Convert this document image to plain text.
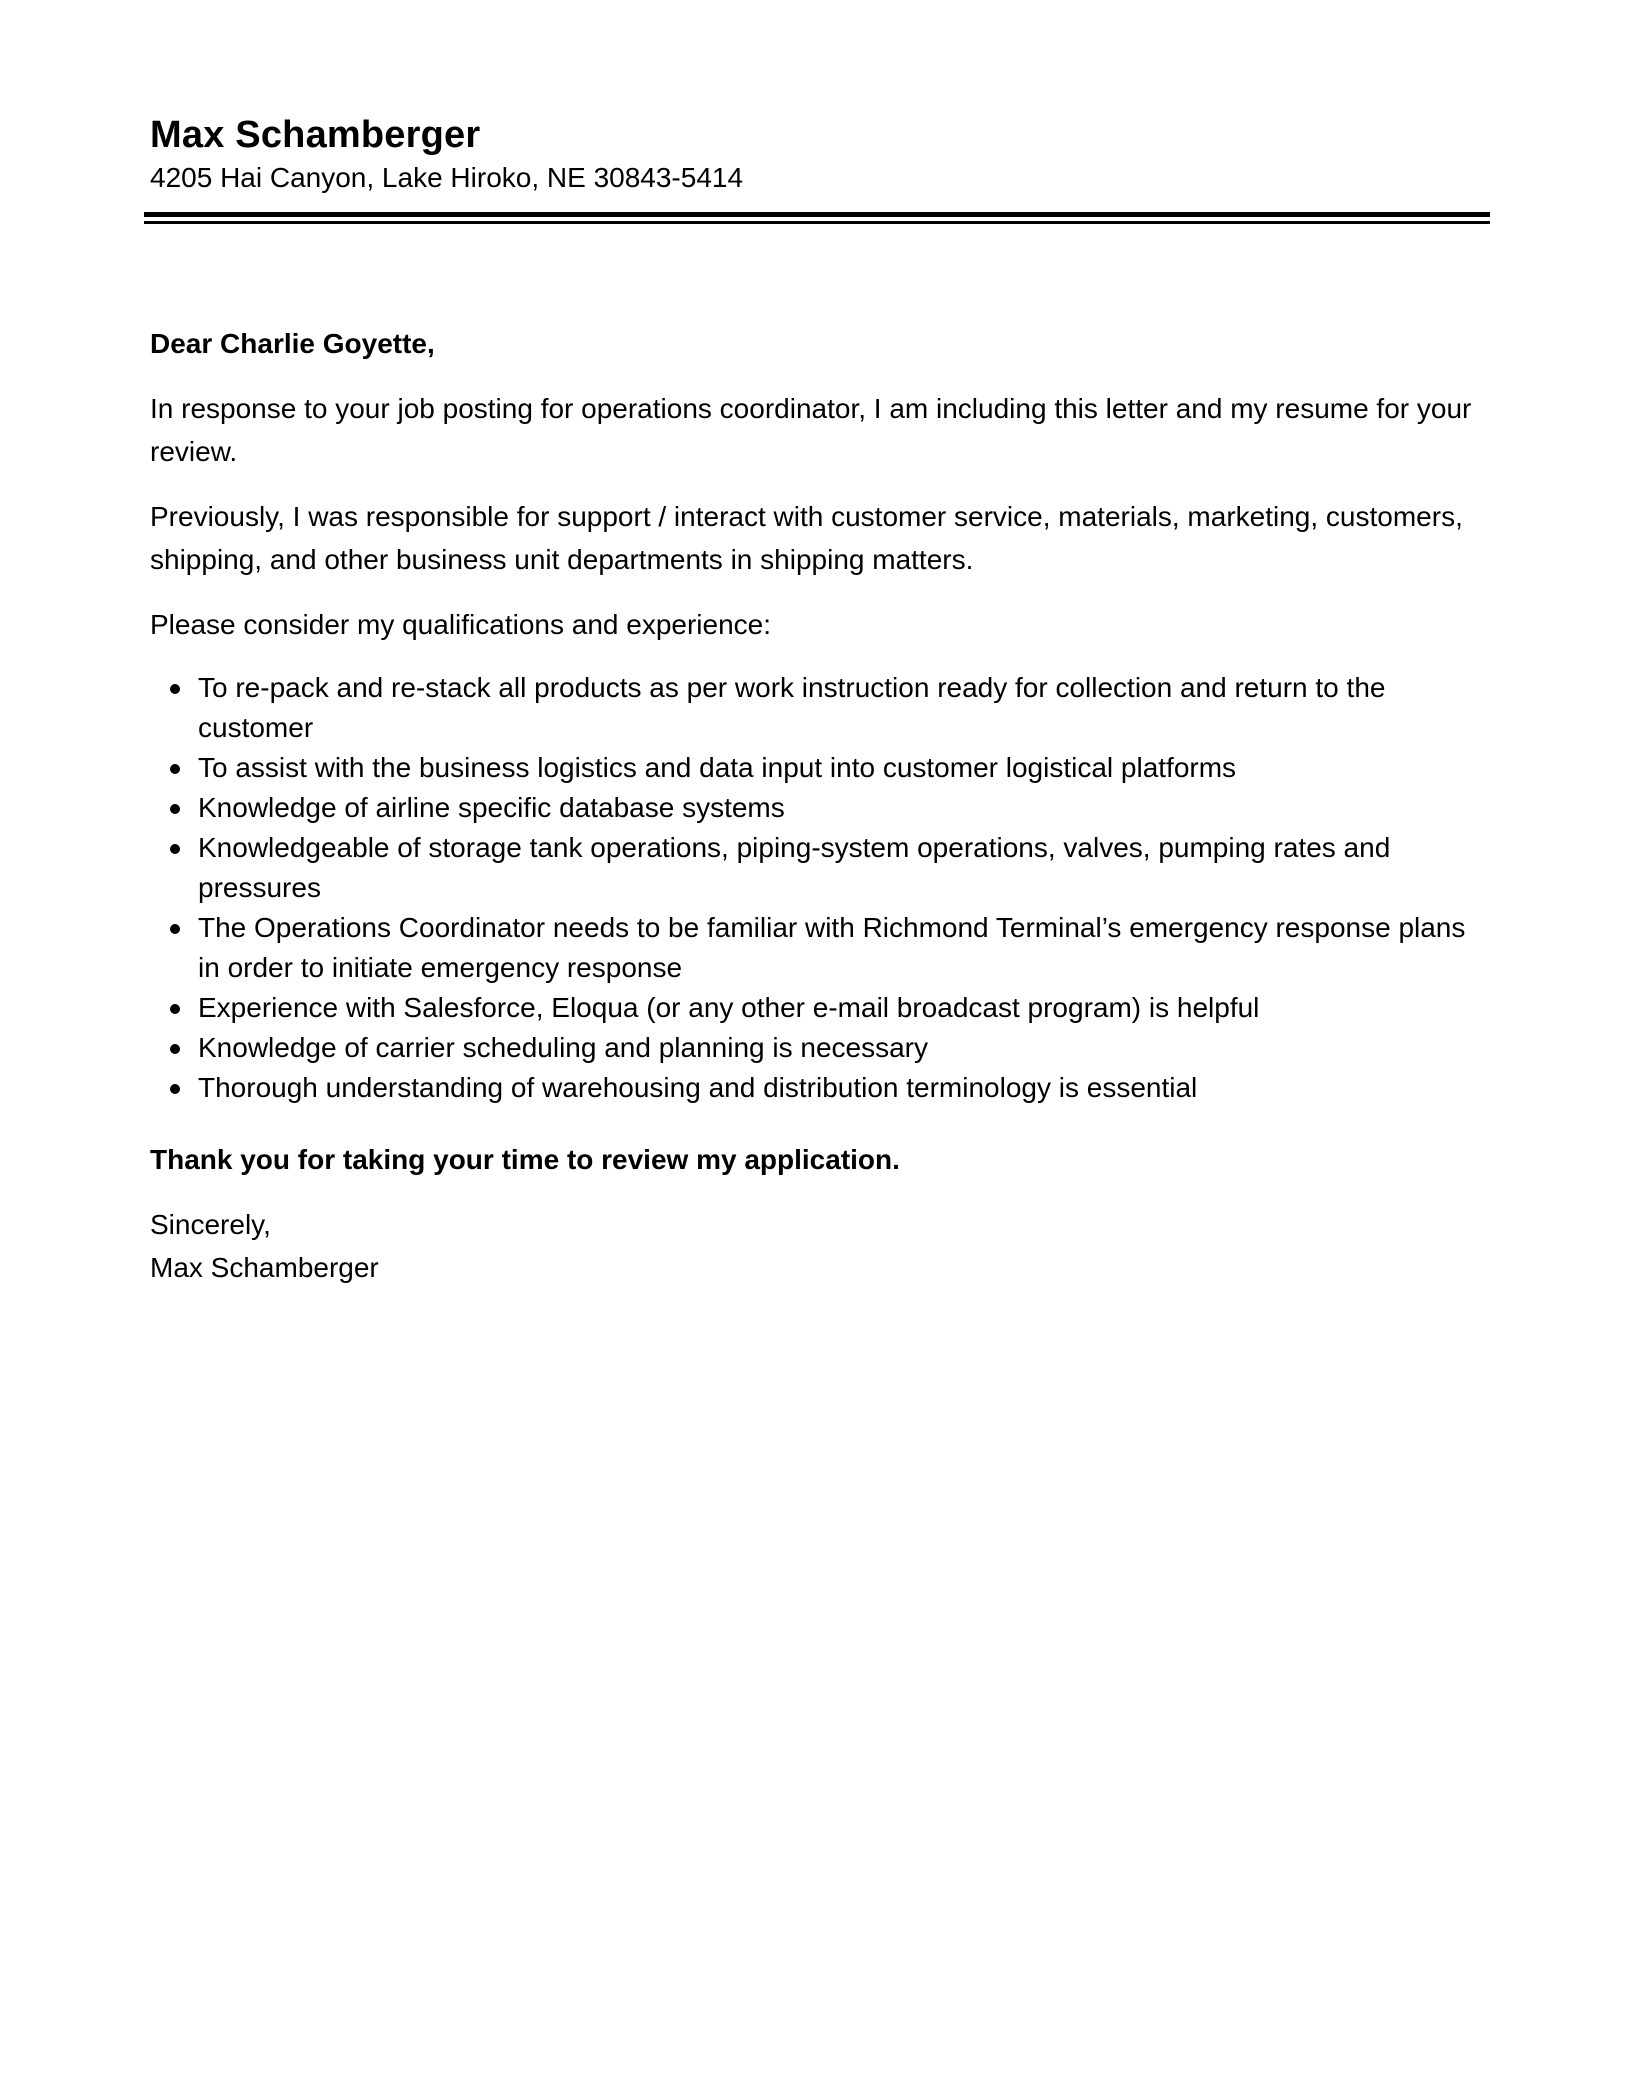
Max Schamberger
4205 Hai Canyon, Lake Hiroko, NE 30843-5414

Dear Charlie Goyette,

In response to your job posting for operations coordinator, I am including this letter and my resume for your review.

Previously, I was responsible for support / interact with customer service, materials, marketing, customers, shipping, and other business unit departments in shipping matters.

Please consider my qualifications and experience:

To re-pack and re-stack all products as per work instruction ready for collection and return to the customer
To assist with the business logistics and data input into customer logistical platforms
Knowledge of airline specific database systems
Knowledgeable of storage tank operations, piping-system operations, valves, pumping rates and pressures
The Operations Coordinator needs to be familiar with Richmond Terminal’s emergency response plans in order to initiate emergency response
Experience with Salesforce, Eloqua (or any other e-mail broadcast program) is helpful
Knowledge of carrier scheduling and planning is necessary
Thorough understanding of warehousing and distribution terminology is essential

Thank you for taking your time to review my application.

Sincerely,

Max Schamberger
